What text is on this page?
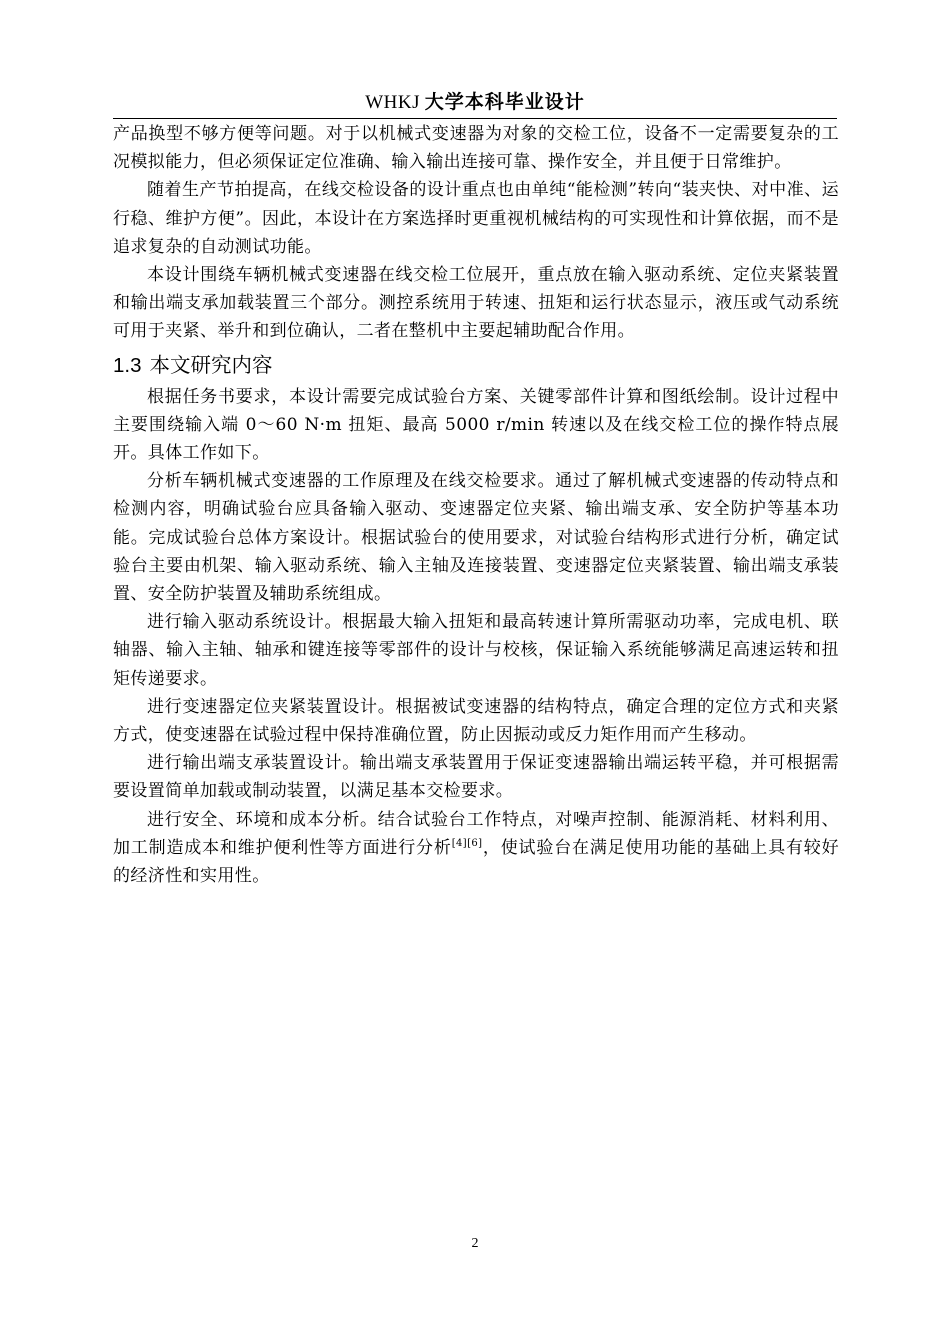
WHKJ 大学本科毕业设计

产品换型不够方便等问题。对于以机械式变速器为对象的交检工位，设备不一定需要复杂的工况模拟能力，但必须保证定位准确、输入输出连接可靠、操作安全，并且便于日常维护。

随着生产节拍提高，在线交检设备的设计重点也由单纯“能检测”转向“装夹快、对中准、运行稳、维护方便”。因此，本设计在方案选择时更重视机械结构的可实现性和计算依据，而不是追求复杂的自动测试功能。

本设计围绕车辆机械式变速器在线交检工位展开，重点放在输入驱动系统、定位夹紧装置和输出端支承加载装置三个部分。测控系统用于转速、扭矩和运行状态显示，液压或气动系统可用于夹紧、举升和到位确认，二者在整机中主要起辅助配合作用。

1.3 本文研究内容

根据任务书要求，本设计需要完成试验台方案、关键零部件计算和图纸绘制。设计过程中主要围绕输入端 0～60 N·m 扭矩、最高 5000 r/min 转速以及在线交检工位的操作特点展开。具体工作如下。

分析车辆机械式变速器的工作原理及在线交检要求。通过了解机械式变速器的传动特点和检测内容，明确试验台应具备输入驱动、变速器定位夹紧、输出端支承、安全防护等基本功能。完成试验台总体方案设计。根据试验台的使用要求，对试验台结构形式进行分析，确定试验台主要由机架、输入驱动系统、输入主轴及连接装置、变速器定位夹紧装置、输出端支承装置、安全防护装置及辅助系统组成。

进行输入驱动系统设计。根据最大输入扭矩和最高转速计算所需驱动功率，完成电机、联轴器、输入主轴、轴承和键连接等零部件的设计与校核，保证输入系统能够满足高速运转和扭矩传递要求。

进行变速器定位夹紧装置设计。根据被试变速器的结构特点，确定合理的定位方式和夹紧方式，使变速器在试验过程中保持准确位置，防止因振动或反力矩作用而产生移动。

进行输出端支承装置设计。输出端支承装置用于保证变速器输出端运转平稳，并可根据需要设置简单加载或制动装置，以满足基本交检要求。

进行安全、环境和成本分析。结合试验台工作特点，对噪声控制、能源消耗、材料利用、加工制造成本和维护便利性等方面进行分析[4][6]，使试验台在满足使用功能的基础上具有较好的经济性和实用性。

2
